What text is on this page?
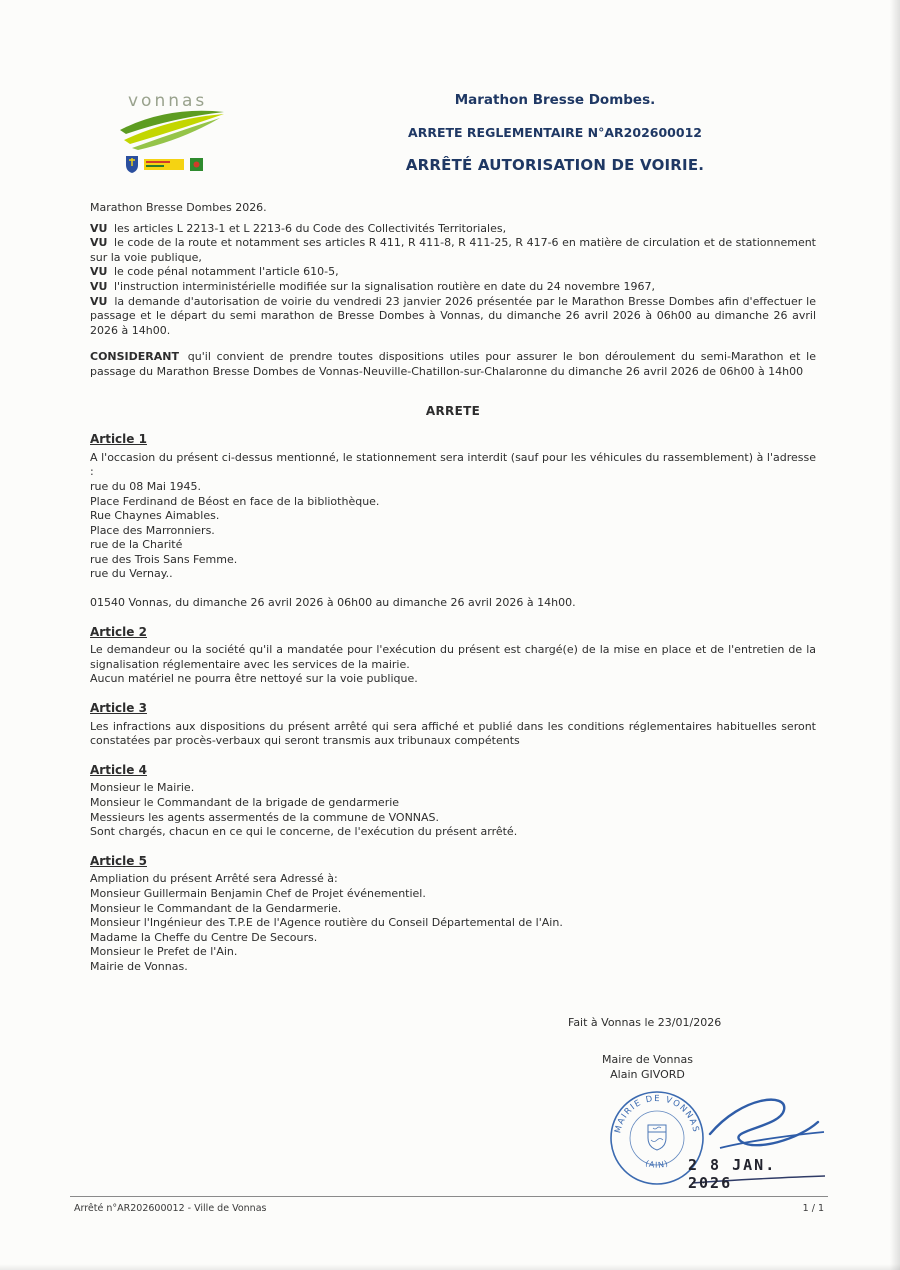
vonnas	Marathon Bresse Dombes.
ARRETE REGLEMENTAIRE N°AR202600012
ARRÊTÉ AUTORISATION DE VOIRIE.
Marathon Bresse Dombes 2026.
VU les articles L 2213-1 et L 2213-6 du Code des Collectivités Territoriales,
VU le code de la route et notamment ses articles R 411, R 411-8, R 411-25, R 417-6 en matière de circulation et de stationnement sur la voie publique,
VU le code pénal notamment l'article 610-5,
VU l'instruction interministérielle modifiée sur la signalisation routière en date du 24 novembre 1967,
VU la demande d'autorisation de voirie du vendredi 23 janvier 2026 présentée par le Marathon Bresse Dombes afin d'effectuer le passage et le départ du semi marathon de Bresse Dombes à Vonnas, du dimanche 26 avril 2026 à 06h00 au dimanche 26 avril 2026 à 14h00.
CONSIDERANT qu'il convient de prendre toutes dispositions utiles pour assurer le bon déroulement du semi-Marathon et le passage du Marathon Bresse Dombes de Vonnas-Neuville-Chatillon-sur-Chalaronne du dimanche 26 avril 2026 de 06h00 à 14h00
ARRETE
Article 1
A l'occasion du présent ci-dessus mentionné, le stationnement sera interdit (sauf pour les véhicules du rassemblement) à l'adresse :
rue du 08 Mai 1945.
Place Ferdinand de Béost en face de la bibliothèque.
Rue Chaynes Aimables.
Place des Marronniers.
rue de la Charité
rue des Trois Sans Femme.
rue du Vernay..
01540 Vonnas, du dimanche 26 avril 2026 à 06h00 au dimanche 26 avril 2026 à 14h00.
Article 2
Le demandeur ou la société qu'il a mandatée pour l'exécution du présent est chargé(e) de la mise en place et de l'entretien de la signalisation réglementaire avec les services de la mairie.
Aucun matériel ne pourra être nettoyé sur la voie publique.
Article 3
Les infractions aux dispositions du présent arrêté qui sera affiché et publié dans les conditions réglementaires habituelles seront constatées par procès-verbaux qui seront transmis aux tribunaux compétents
Article 4
Monsieur le Mairie.
Monsieur le Commandant de la brigade de gendarmerie
Messieurs les agents assermentés de la commune de VONNAS.
Sont chargés, chacun en ce qui le concerne, de l'exécution du présent arrêté.
Article 5
Ampliation du présent Arrêté sera Adressé à:
Monsieur Guillermain Benjamin Chef de Projet événementiel.
Monsieur le Commandant de la Gendarmerie.
Monsieur l'Ingénieur des T.P.E de l'Agence routière du Conseil Départemental de l'Ain.
Madame la Cheffe du Centre De Secours.
Monsieur le Prefet de l'Ain.
Mairie de Vonnas.
Fait à Vonnas le 23/01/2026
Maire de Vonnas
Alain GIVORD
MAIRIE DE VONNAS
(AIN) 2 8 JAN. 2026
Arrêté n°AR202600012 - Ville de Vonnas	1 / 1
